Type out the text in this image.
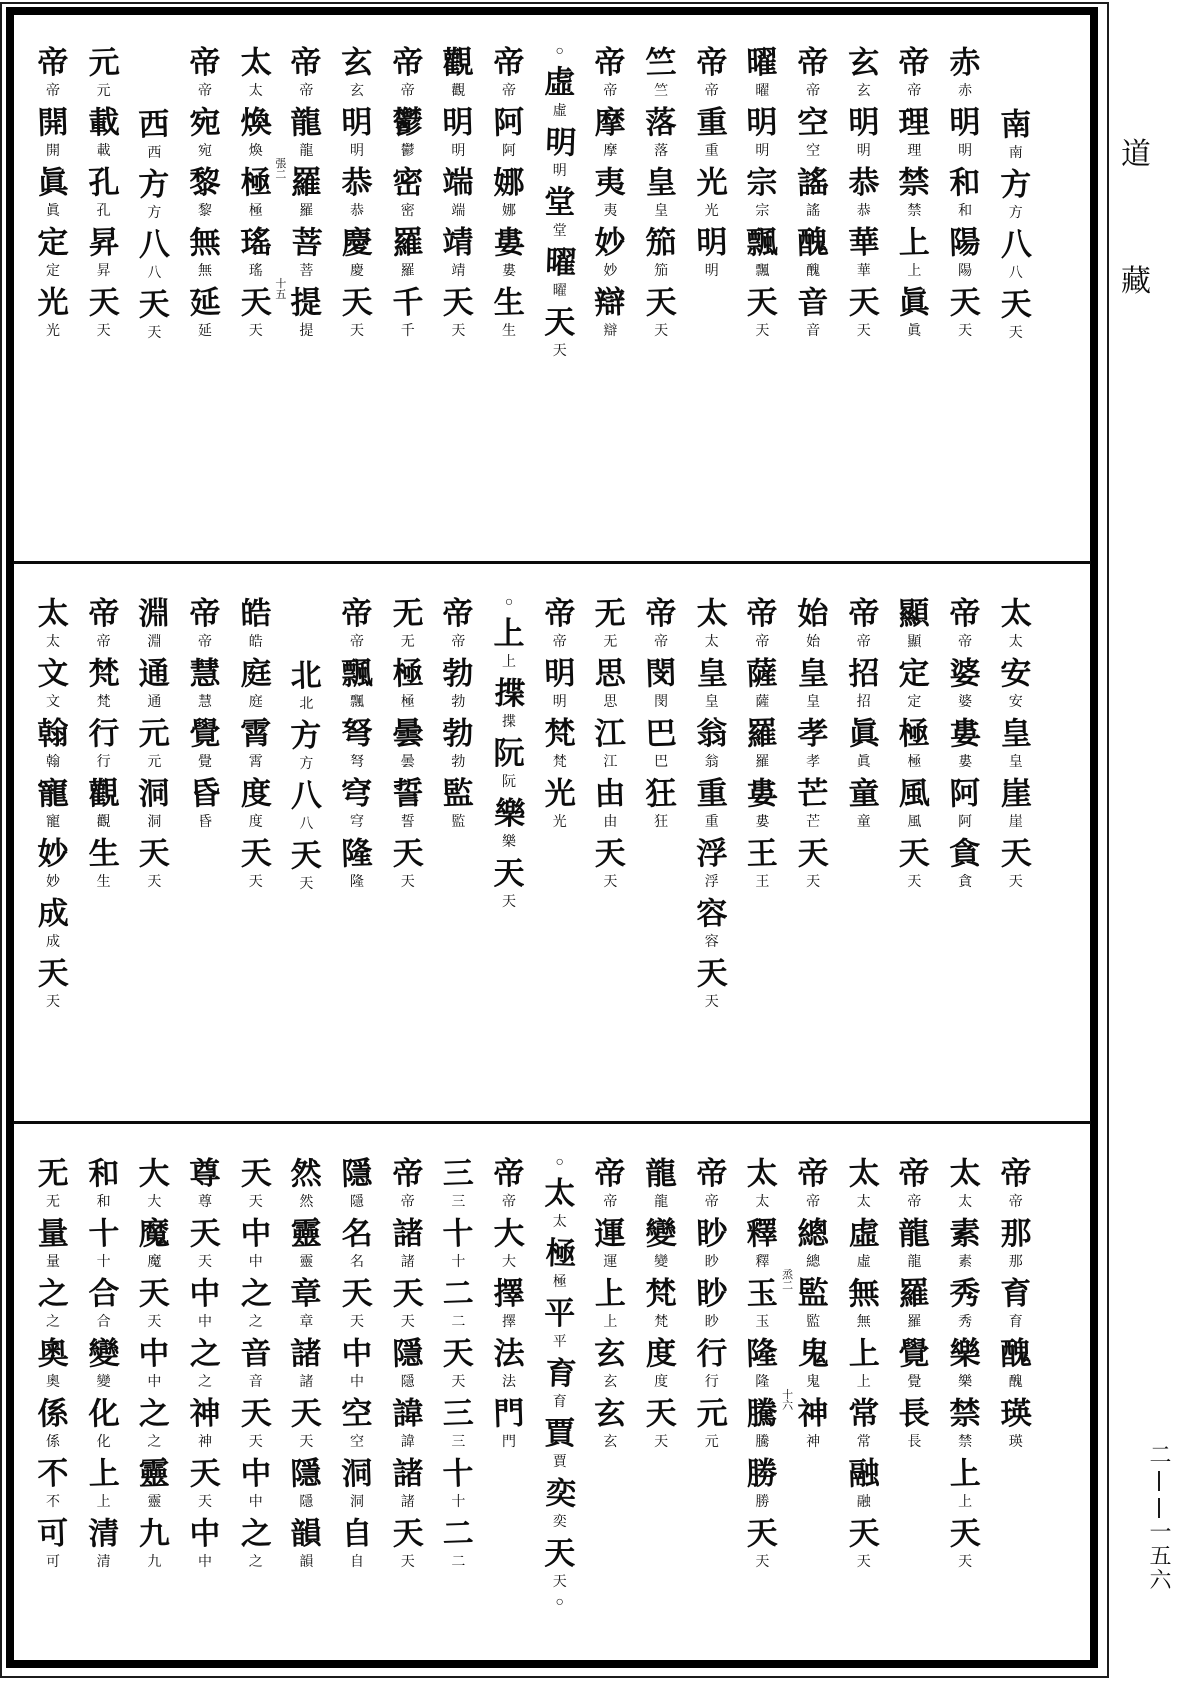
南
南
方
方
八
八
天
天
赤
赤
明
明
和
和
陽
陽
天
天
帝
帝
理
理
禁
禁
上
上
眞
眞
玄
玄
明
明
恭
恭
華
華
天
天
帝
帝
空
空
謠
謠
醜
醜
音
音
曜
曜
明
明
宗
宗
飄
飄
天
天
帝
帝
重
重
光
光
明
明
竺
竺
落
落
皇
皇
笳
笳
天
天
帝
帝
摩
摩
夷
夷
妙
妙
辯
辯
○
虛
虛
明
明
堂
堂
曜
曜
天
天
帝
帝
阿
阿
娜
娜
婁
婁
生
生
觀
觀
明
明
端
端
靖
靖
天
天
帝
帝
鬱
鬱
密
密
羅
羅
千
千
玄
玄
明
明
恭
恭
慶
慶
天
天
帝
帝
龍
龍
張二 羅
羅
菩
菩
十五 提
提
太
太
煥
煥
極
極
瑤
瑤
天
天
帝
帝
宛
宛
黎
黎
無
無
延
延
西
西
方
方
八
八
天
天
元
元
載
載
孔
孔
昇
昇
天
天
帝
帝
開
開
眞
眞
定
定
光
光
太
太
安
安
皇
皇
崖
崖
天
天
帝
帝
婆
婆
婁
婁
阿
阿
貪
貪
顯
顯
定
定
極
極
風
風
天
天
帝
帝
招
招
眞
眞
童
童
始
始
皇
皇
孝
孝
芒
芒
天
天
帝
帝
薩
薩
羅
羅
婁
婁
王
王
太
太
皇
皇
翁
翁
重
重
浮
浮
容
容
天
天
帝
帝
閔
閔
巴
巴
狂
狂
无
无
思
思
江
江
由
由
天
天
帝
帝
明
明
梵
梵
光
光
○
上
上
揲
揲
阮
阮
樂
樂
天
天
帝
帝
勃
勃
勃
勃
監
監
无
无
極
極
曇
曇
誓
誓
天
天
帝
帝
飄
飄
弩
弩
穹
穹
隆
隆
北
北
方
方
八
八
天
天
皓
皓
庭
庭
霄
霄
度
度
天
天
帝
帝
慧
慧
覺
覺
昏
昏
淵
淵
通
通
元
元
洞
洞
天
天
帝
帝
梵
梵
行
行
觀
觀
生
生
太
太
文
文
翰
翰
寵
寵
妙
妙
成
成
天
天
帝
帝
那
那
育
育
醜
醜
瑛
瑛
太
太
素
素
秀
秀
樂
樂
禁
禁
上
上
天
天
帝
帝
龍
龍
羅
羅
覺
覺
長
長
太
太
虛
虛
無
無
上
上
常
常
融
融
天
天
帝
帝
總
總
烝二 監
監
鬼
鬼
十六 神
神
太
太
釋
釋
玉
玉
隆
隆
騰
騰
勝
勝
天
天
帝
帝
眇
眇
眇
眇
行
行
元
元
龍
龍
變
變
梵
梵
度
度
天
天
帝
帝
運
運
上
上
玄
玄
玄
玄
○
太
太
極
極
平
平
育
育
賈
賈
奕
奕
天
天
○
帝
帝
大
大
擇
擇
法
法
門
門
三
三
十
十
二
二
天
天
三
三
十
十
二
二
帝
帝
諸
諸
天
天
隱
隱
諱
諱
諸
諸
天
天
隱
隱
名
名
天
天
中
中
空
空
洞
洞
自
自
然
然
靈
靈
章
章
諸
諸
天
天
隱
隱
韻
韻
天
天
中
中
之
之
音
音
天
天
中
中
之
之
尊
尊
天
天
中
中
之
之
神
神
天
天
中
中
大
大
魔
魔
天
天
中
中
之
之
靈
靈
九
九
和
和
十
十
合
合
變
變
化
化
上
上
清
清
无
无
量
量
之
之
奧
奧
係
係
不
不
可
可
道
藏
二
一五六
